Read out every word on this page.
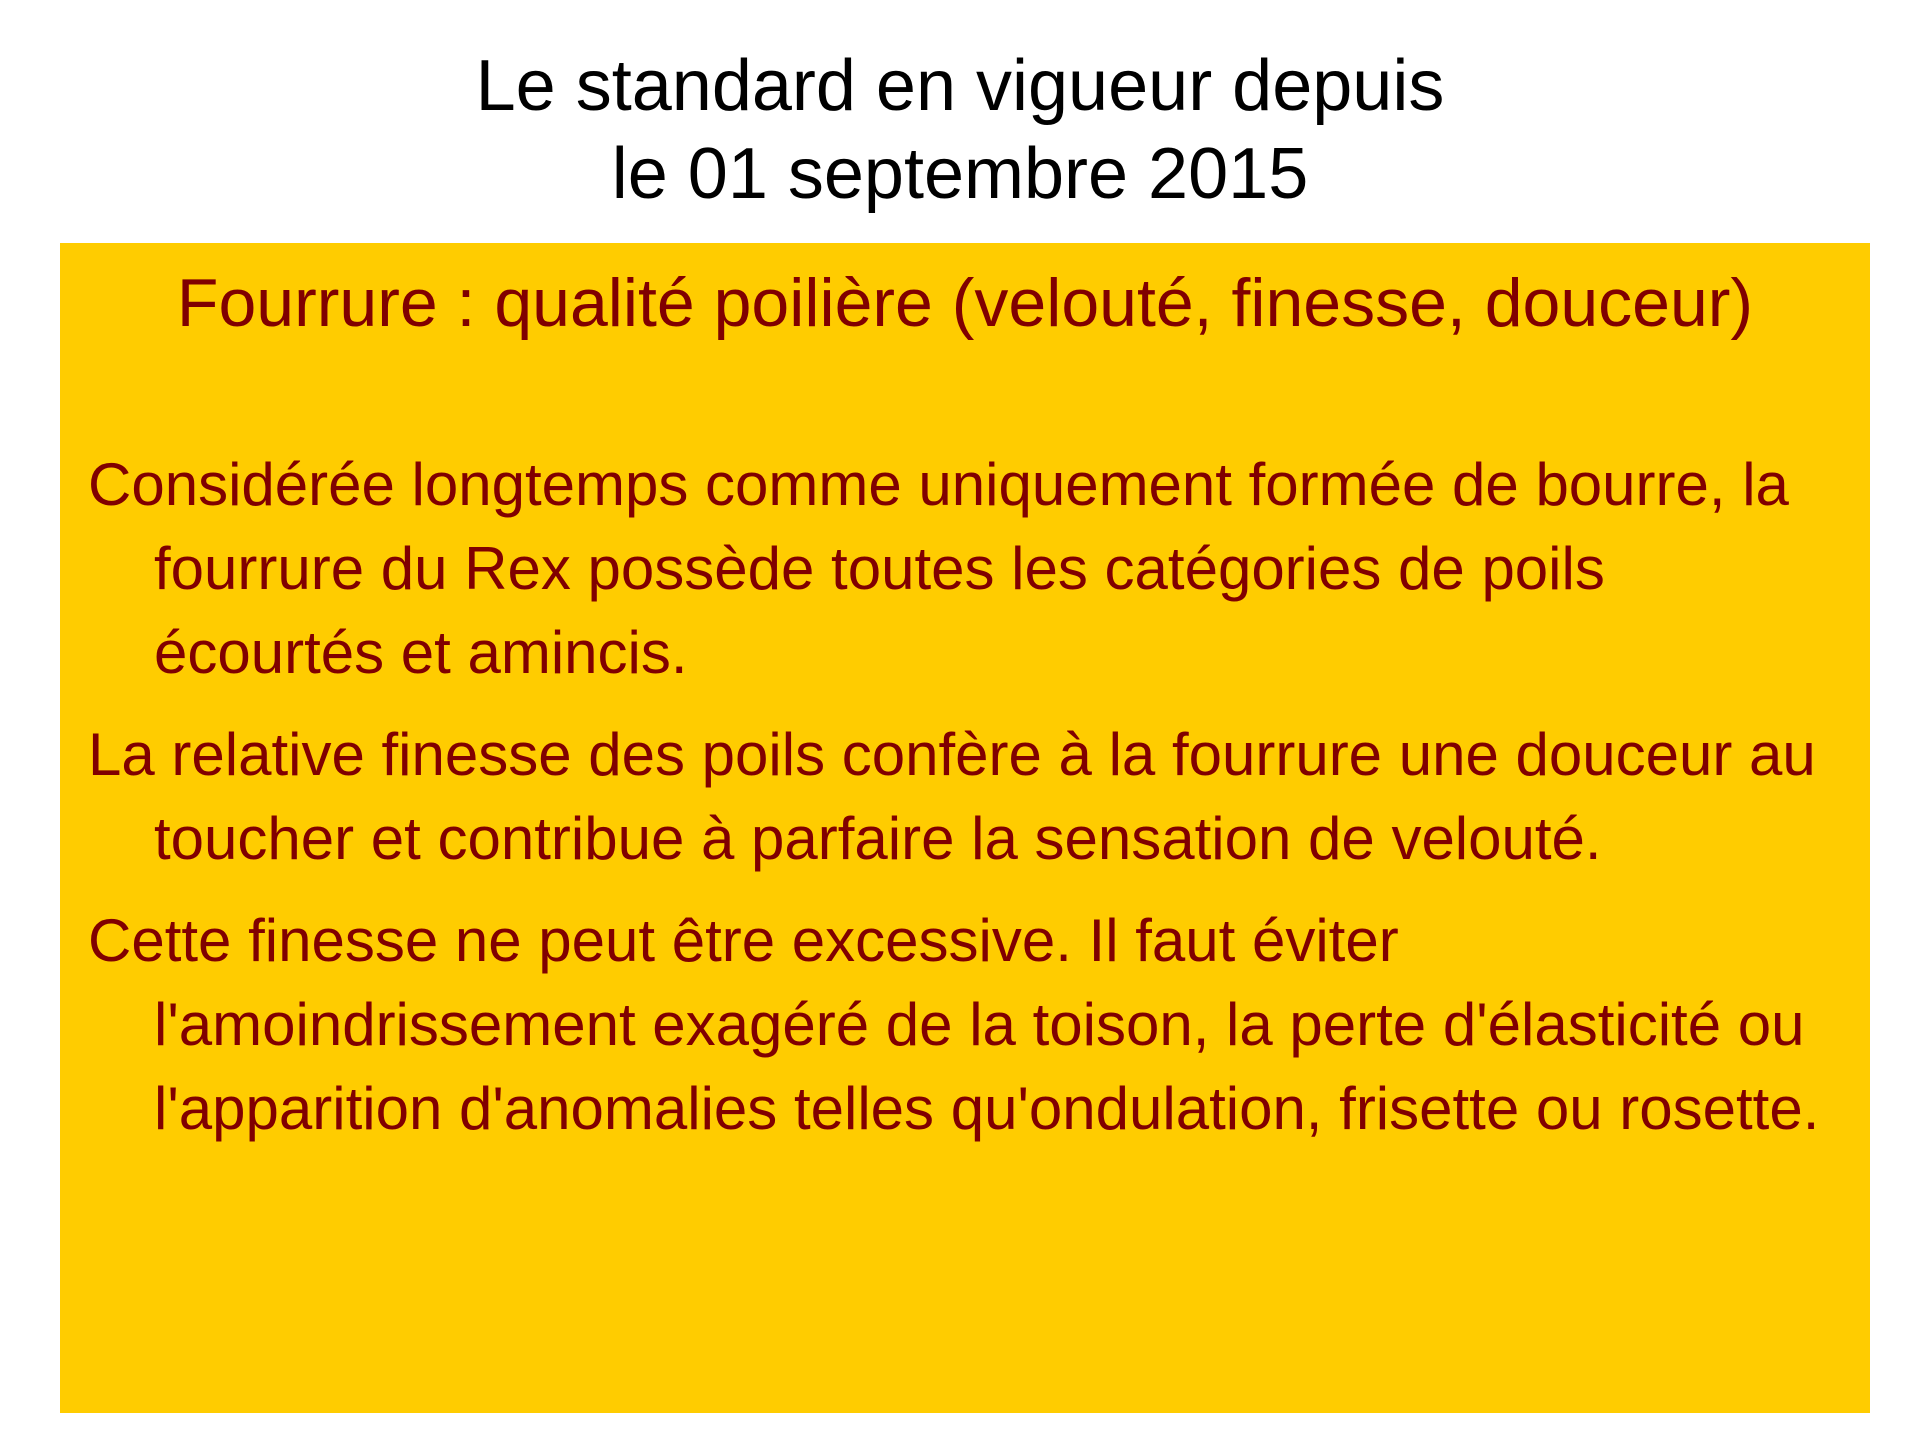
Le standard en vigueur depuis
le 01 septembre 2015
Fourrure : qualité poilière (velouté, finesse, douceur)
Considérée longtemps comme uniquement formée de bourre, la fourrure du Rex possède toutes les catégories de poils écourtés et amincis.
La relative finesse des poils confère à la fourrure une douceur au toucher et contribue à parfaire la sensation de velouté.
Cette finesse ne peut être excessive. Il faut éviter l'amoindrissement exagéré de la toison, la perte d'élasticité ou l'apparition d'anomalies telles qu'ondulation, frisette ou rosette.
